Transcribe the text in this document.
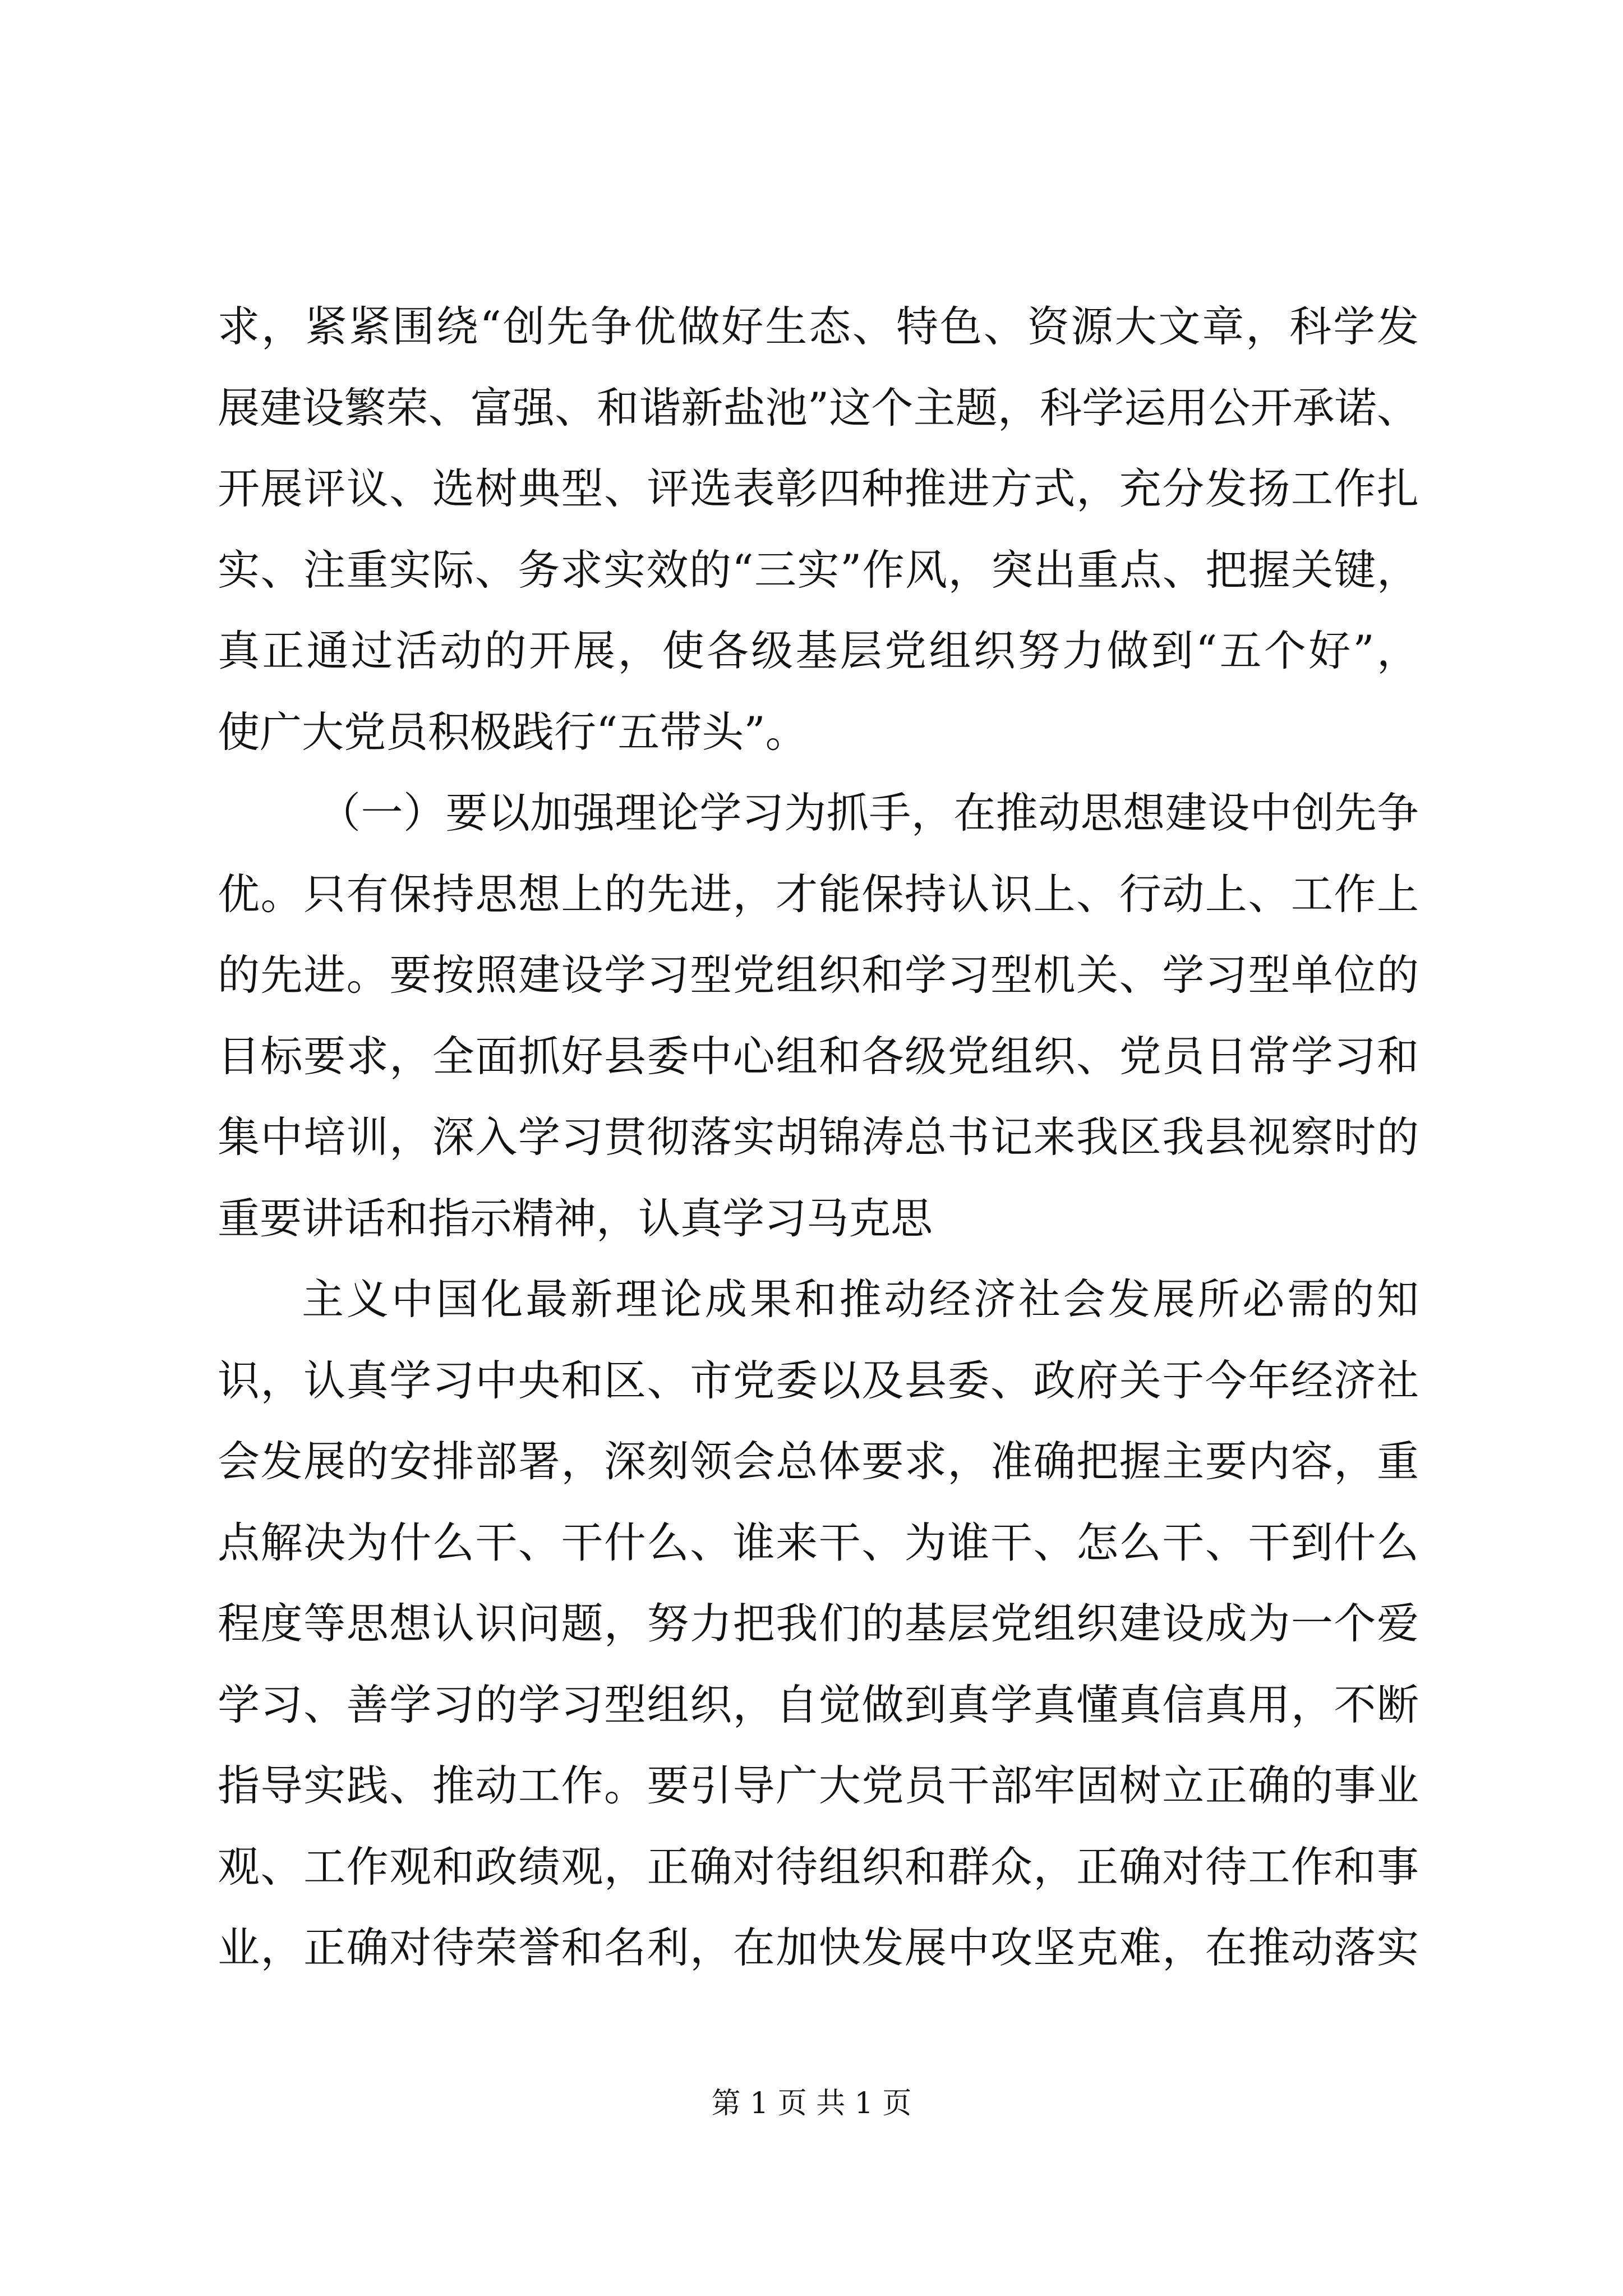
求，紧紧围绕“创先争优做好生态、特色、资源大文章，科学发
展建设繁荣、富强、和谐新盐池”这个主题，科学运用公开承诺、
开展评议、选树典型、评选表彰四种推进方式，充分发扬工作扎
实、注重实际、务求实效的“三实”作风，突出重点、把握关键，
真正通过活动的开展，使各级基层党组织努力做到“五个好”，
使广大党员积极践行“五带头”。
（一）要以加强理论学习为抓手，在推动思想建设中创先争
优。只有保持思想上的先进，才能保持认识上、行动上、工作上
的先进。要按照建设学习型党组织和学习型机关、学习型单位的
目标要求，全面抓好县委中心组和各级党组织、党员日常学习和
集中培训，深入学习贯彻落实胡锦涛总书记来我区我县视察时的
重要讲话和指示精神，认真学习马克思
主义中国化最新理论成果和推动经济社会发展所必需的知
识，认真学习中央和区、市党委以及县委、政府关于今年经济社
会发展的安排部署，深刻领会总体要求，准确把握主要内容，重
点解决为什么干、干什么、谁来干、为谁干、怎么干、干到什么
程度等思想认识问题，努力把我们的基层党组织建设成为一个爱
学习、善学习的学习型组织，自觉做到真学真懂真信真用，不断
指导实践、推动工作。要引导广大党员干部牢固树立正确的事业
观、工作观和政绩观，正确对待组织和群众，正确对待工作和事
业，正确对待荣誉和名利，在加快发展中攻坚克难，在推动落实
第 1 页 共 1 页
